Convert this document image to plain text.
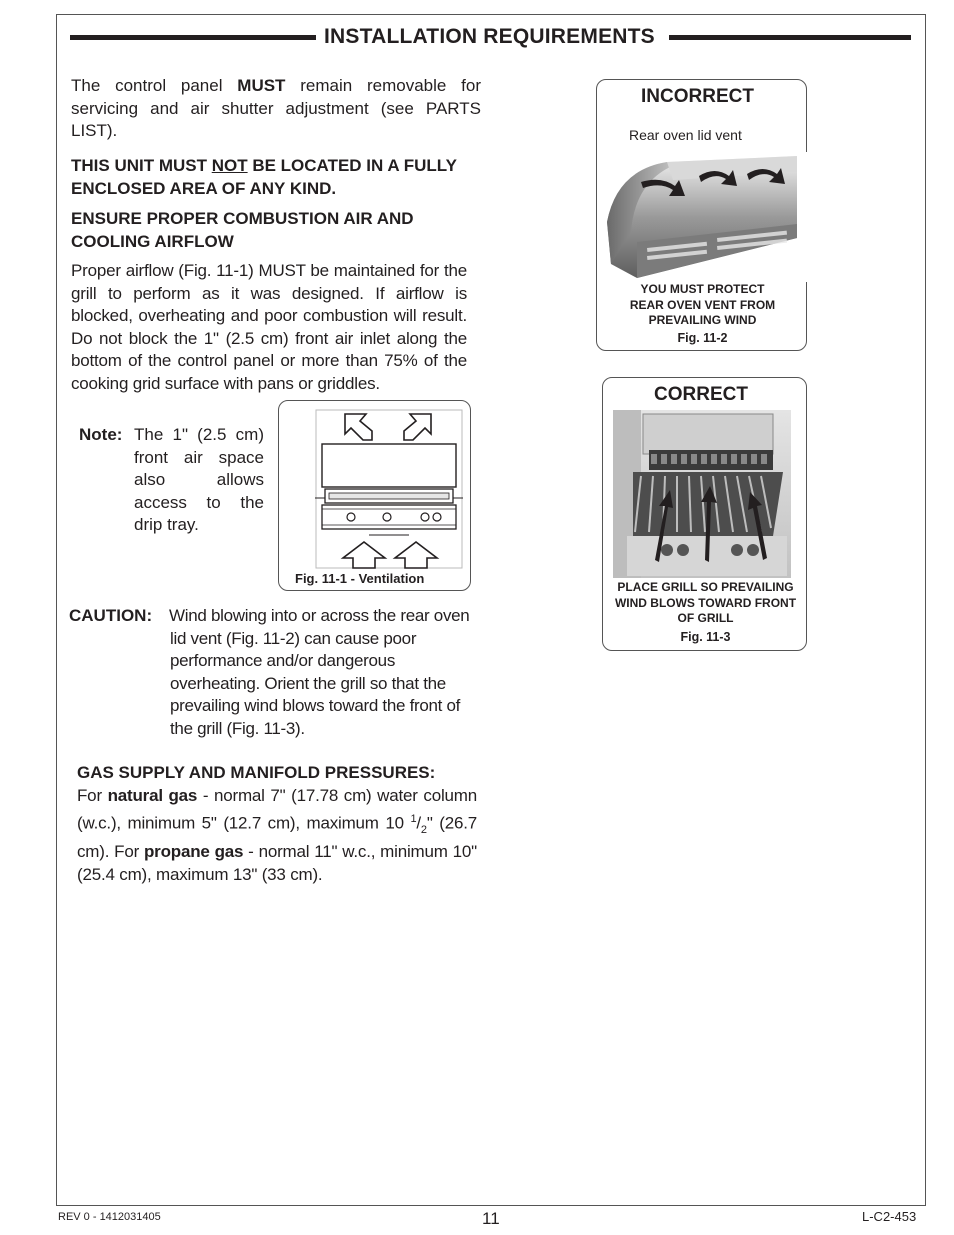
INSTALLATION REQUIREMENTS
The control panel MUST remain removable for servicing and air shutter adjustment (see PARTS LIST).
THIS UNIT MUST NOT BE LOCATED IN A FULLY ENCLOSED AREA OF ANY KIND.
ENSURE PROPER COMBUSTION AIR AND COOLING AIRFLOW
Proper airflow (Fig. 11-1) MUST be maintained for the grill to perform as it was designed. If airflow is blocked, overheating and poor combustion will result. Do not block the 1" (2.5 cm) front air inlet along the bottom of the control panel or more than 75% of the cooking grid surface with pans or griddles.
Note: The 1" (2.5 cm) front air space also allows access to the drip tray.
Fig. 11-1 - Ventilation
CAUTION: Wind blowing into or across the rear oven lid vent (Fig. 11-2) can cause poor performance and/or dangerous overheating. Orient the grill so that the prevailing wind blows toward the front of the grill (Fig. 11-3).
GAS SUPPLY AND MANIFOLD PRESSURES:
For natural gas - normal 7" (17.78 cm) water column (w.c.), minimum 5" (12.7 cm), maximum 10 $^1/_2$" (26.7 cm). For propane gas - normal 11" w.c., minimum 10" (25.4 cm), maximum 13" (33 cm).
INCORRECT
Rear oven lid vent
YOU MUST PROTECT
REAR OVEN VENT FROM
PREVAILING WIND
Fig. 11-2
CORRECT
PLACE GRILL SO PREVAILING
WIND BLOWS TOWARD FRONT
OF GRILL
Fig. 11-3
REV 0 - 1412031405	11	L-C2-453
